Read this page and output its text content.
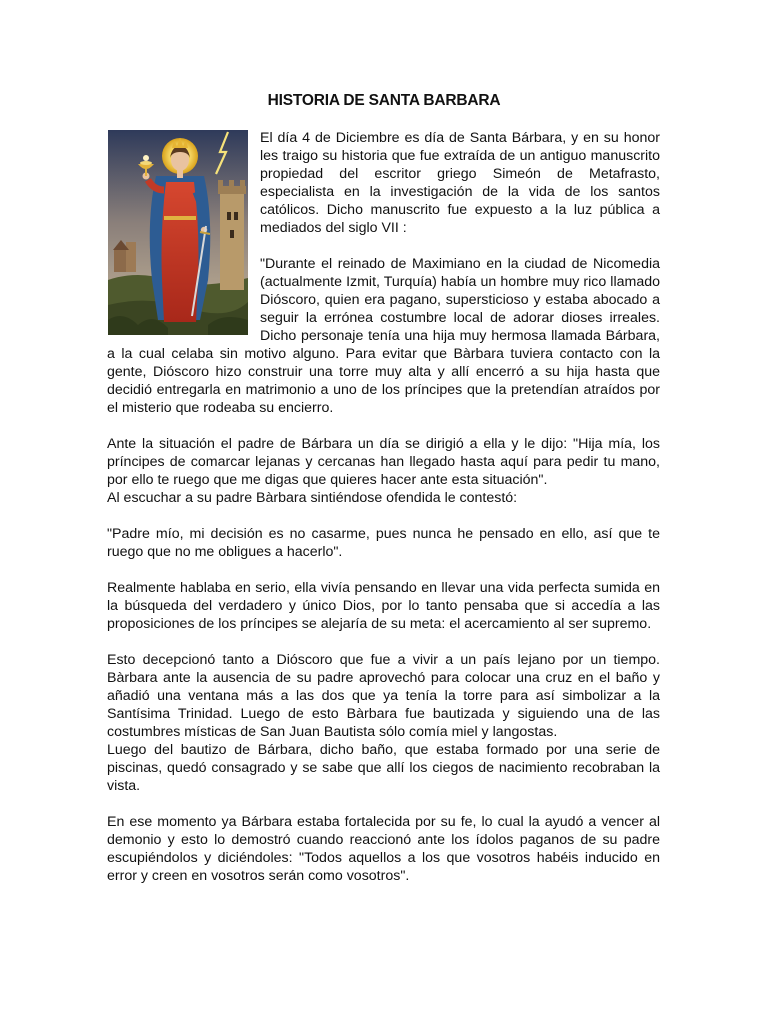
HISTORIA DE SANTA BARBARA

El día 4 de Diciembre es día de Santa Bárbara, y en su honor les traigo su historia que fue extraída de un antiguo manuscrito propiedad del escritor griego Simeón de Metafrasto, especialista en la investigación de la vida de los santos católicos. Dicho manuscrito fue expuesto a la luz pública a mediados del siglo VII :

"Durante el reinado de Maximiano en la ciudad de Nicomedia (actualmente Izmit, Turquía) había un hombre muy rico llamado Dióscoro, quien era pagano, supersticioso y estaba abocado a seguir la errónea costumbre local de adorar dioses irreales. Dicho personaje tenía una hija muy hermosa llamada Bárbara, a la cual celaba sin motivo alguno. Para evitar que Bàrbara tuviera contacto con la gente, Dióscoro hizo construir una torre muy alta y allí encerró a su hija hasta que decidió entregarla en matrimonio a uno de los príncipes que la pretendían atraídos por el misterio que rodeaba su encierro.

Ante la situación el padre de Bárbara un día se dirigió a ella y le dijo: "Hija mía, los príncipes de comarcar lejanas y cercanas han llegado hasta aquí para pedir tu mano, por ello te ruego que me digas que quieres hacer ante esta situación".

Al escuchar a su padre Bàrbara sintiéndose ofendida le contestó:

"Padre mío, mi decisión es no casarme, pues nunca he pensado en ello, así que te ruego que no me obligues a hacerlo".

Realmente hablaba en serio, ella vivía pensando en llevar una vida perfecta sumida en la búsqueda del verdadero y único Dios, por lo tanto pensaba que si accedía a las proposiciones de los príncipes se alejaría de su meta: el acercamiento al ser supremo.

Esto decepcionó tanto a Dióscoro que fue a vivir a un país lejano por un tiempo. Bàrbara ante la ausencia de su padre aprovechó para colocar una cruz en el baño y añadió una ventana más a las dos que ya tenía la torre para así simbolizar a la Santísima Trinidad. Luego de esto Bàrbara fue bautizada y siguiendo una de las costumbres místicas de San Juan Bautista sólo comía miel y langostas.

Luego del bautizo de Bárbara, dicho baño, que estaba formado por una serie de piscinas, quedó consagrado y se sabe que allí los ciegos de nacimiento recobraban la vista.

En ese momento ya Bárbara estaba fortalecida por su fe, lo cual la ayudó a vencer al demonio y esto lo demostró cuando reaccionó ante los ídolos paganos de su padre escupiéndolos y diciéndoles: "Todos aquellos a los que vosotros habéis inducido en error y creen en vosotros serán como vosotros".
